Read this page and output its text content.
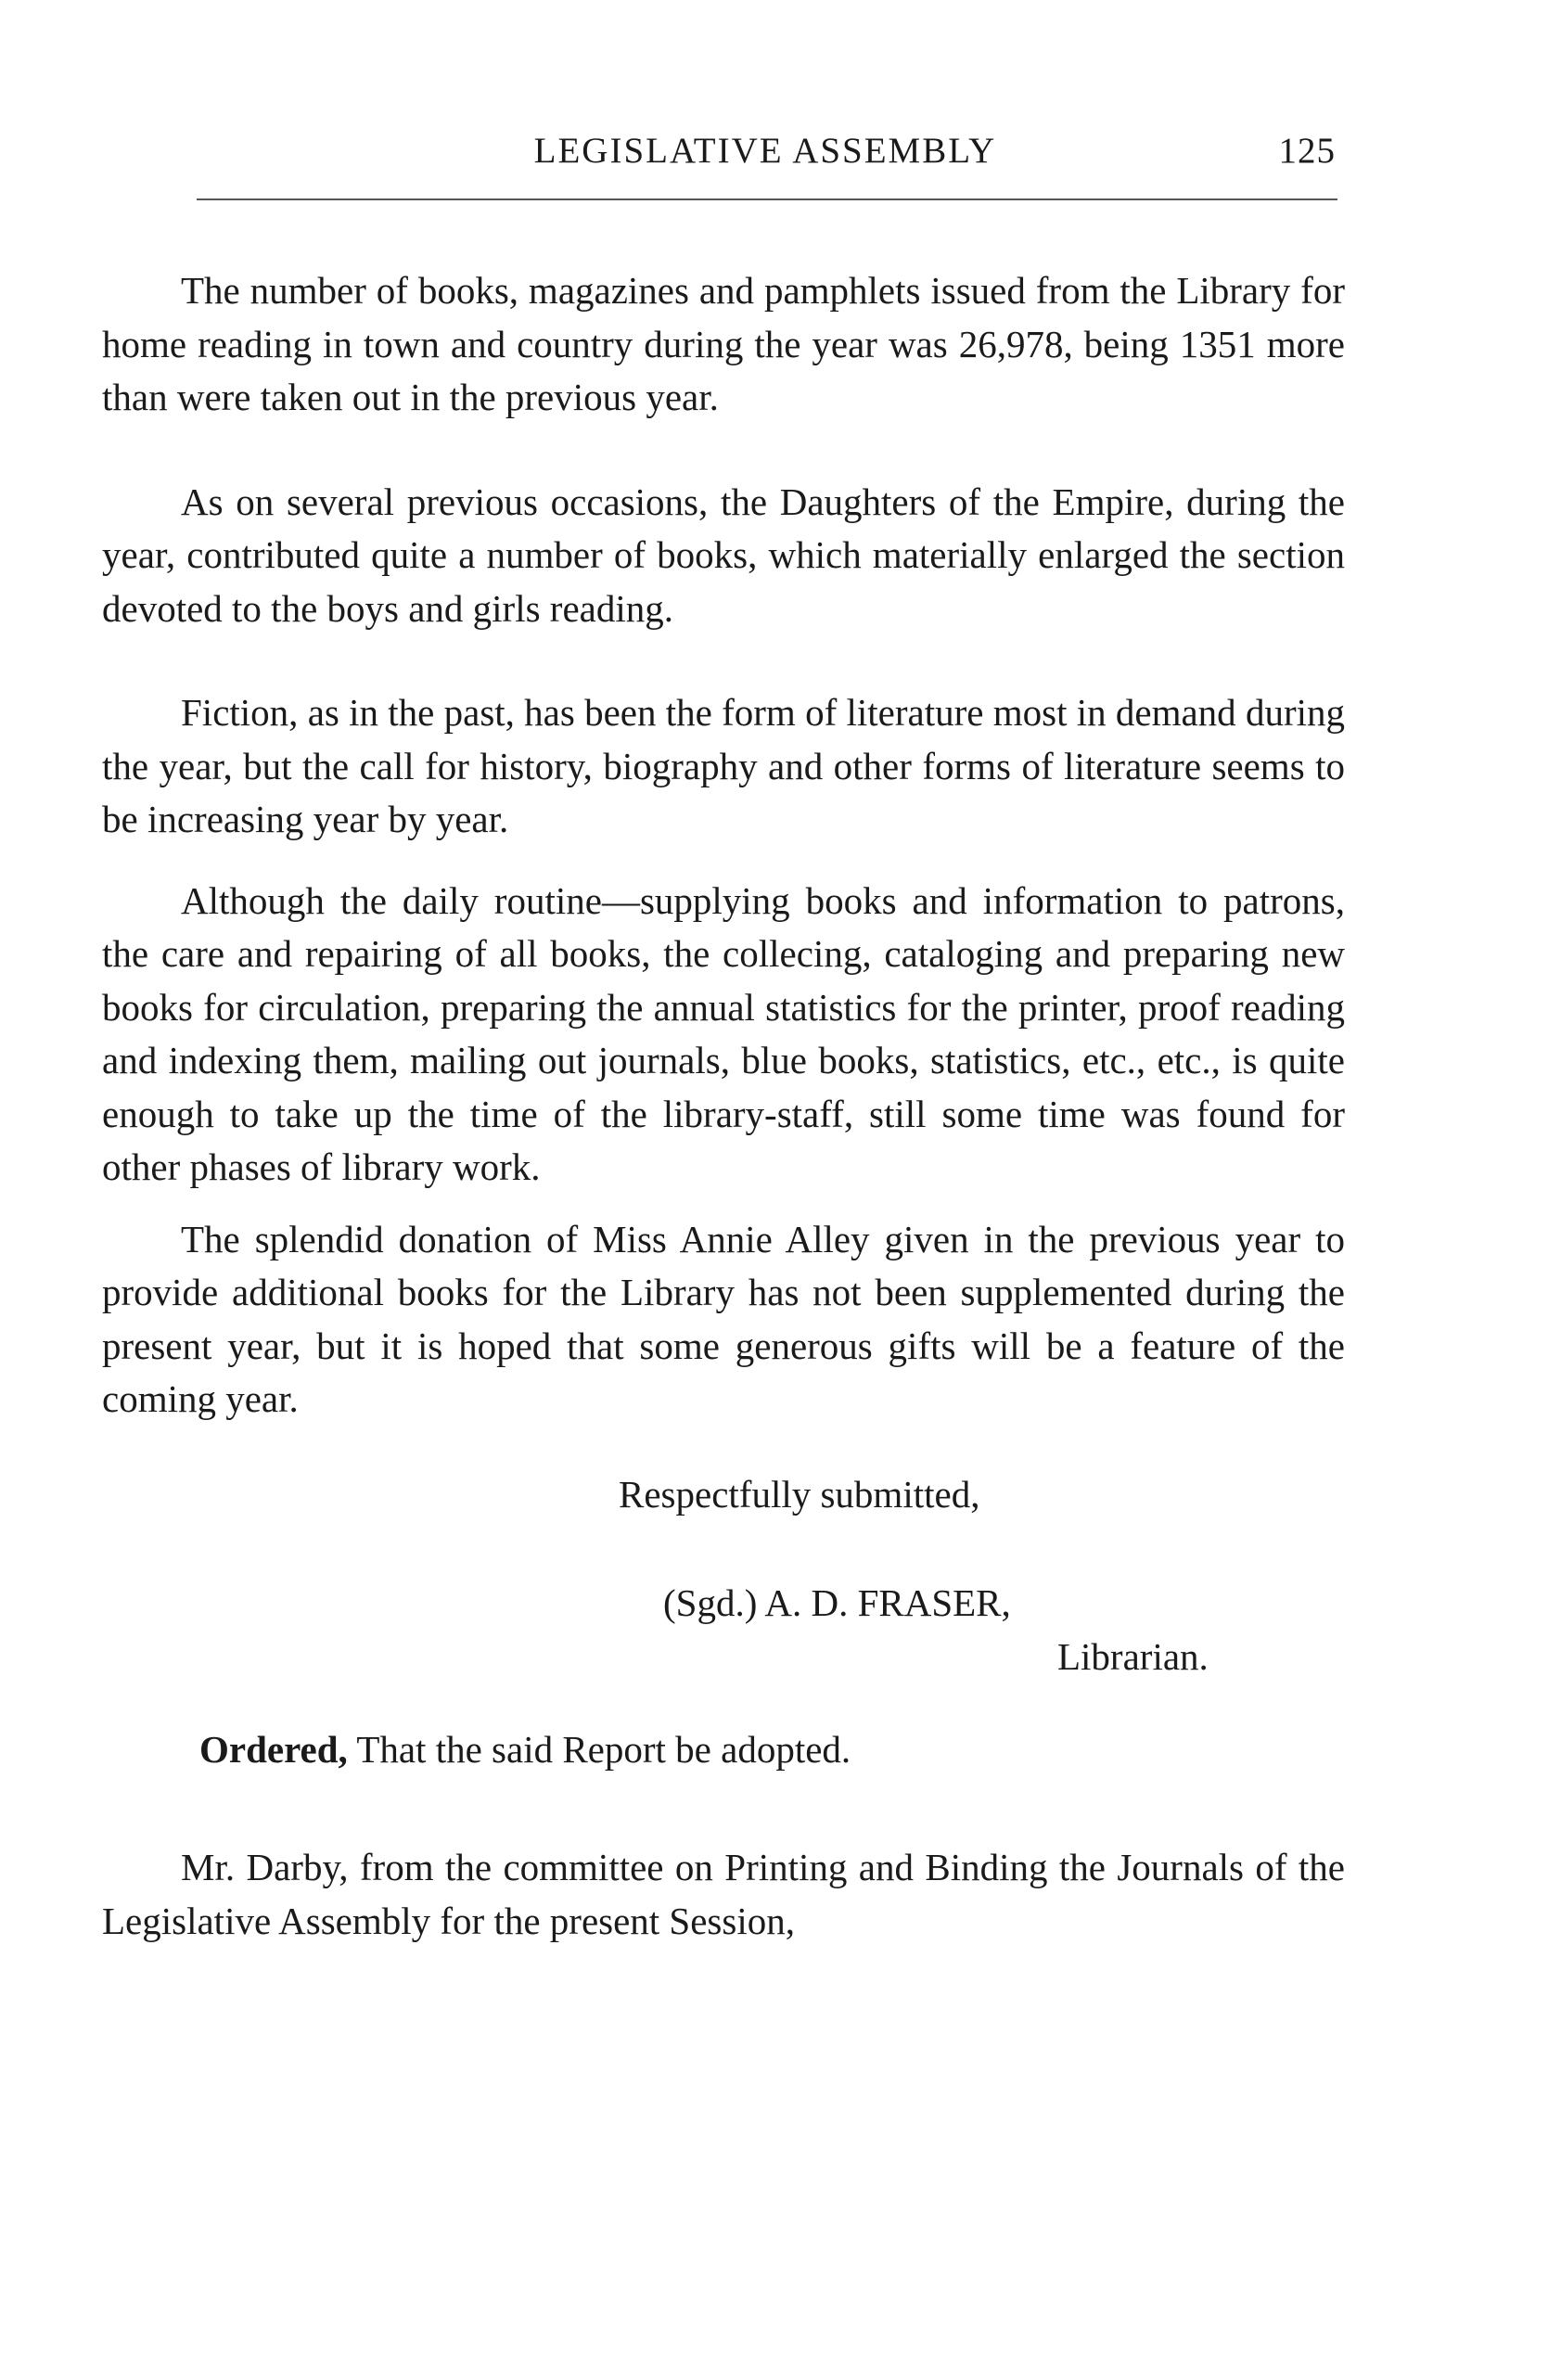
LEGISLATIVE ASSEMBLY	125

The number of books, magazines and pamphlets issued from the Library for home reading in town and country during the year was 26,978, being 1351 more than were taken out in the previous year.

As on several previous occasions, the Daughters of the Empire, during the year, contributed quite a number of books, which materially enlarged the section devoted to the boys and girls reading.

Fiction, as in the past, has been the form of literature most in demand during the year, but the call for history, biography and other forms of literature seems to be increasing year by year.

Although the daily routine—supplying books and information to patrons, the care and repairing of all books, the collecing, cataloging and preparing new books for circulation, preparing the annual statistics for the printer, proof reading and indexing them, mailing out journals, blue books, statistics, etc., etc., is quite enough to take up the time of the library-staff, still some time was found for other phases of library work.

The splendid donation of Miss Annie Alley given in the previous year to provide additional books for the Library has not been supplemented during the present year, but it is hoped that some generous gifts will be a feature of the coming year.

Respectfully submitted,
(Sgd.) A. D. FRASER,
Librarian.

Ordered, That the said Report be adopted.

Mr. Darby, from the committee on Printing and Binding the Journals of the Legislative Assembly for the present Session,
